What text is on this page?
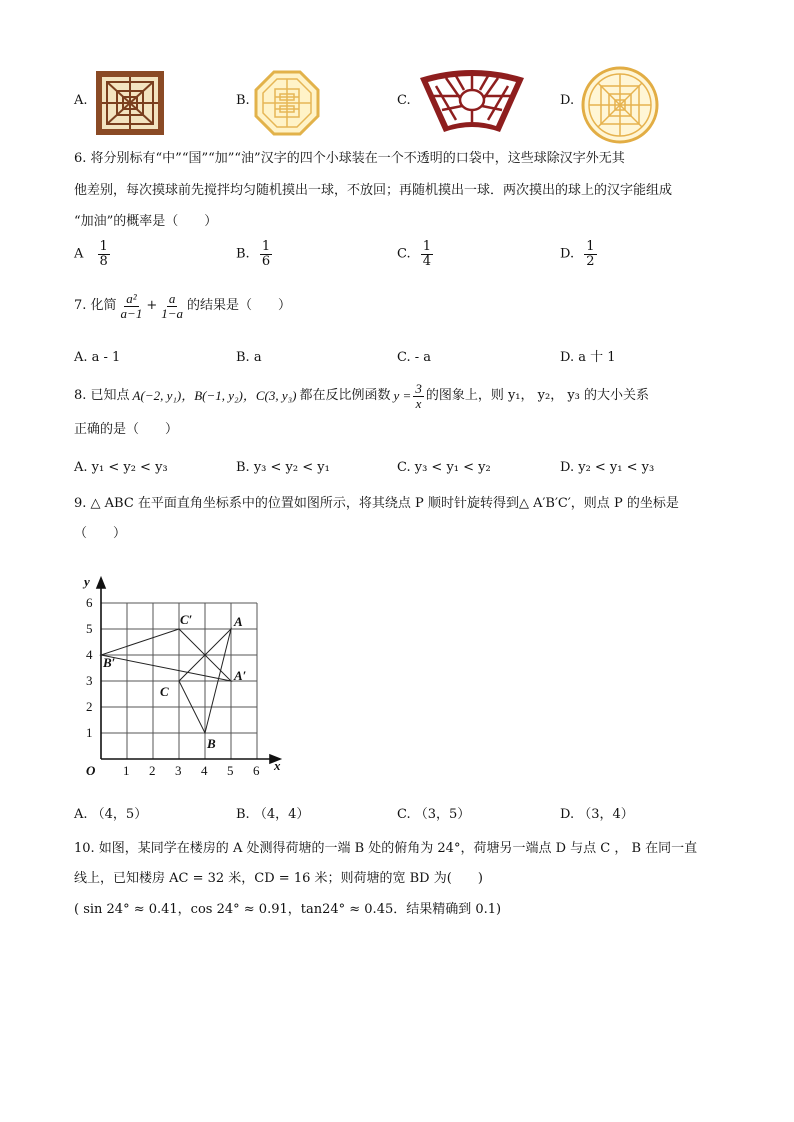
A.	B.	C.	D.
6. 将分别标有“中”“国”“加”“油”汉字的四个小球装在一个不透明的口袋中，这些球除汉字外无其
他差别，每次摸球前先搅拌均匀随机摸出一球，不放回；再随机摸出一球．两次摸出的球上的汉字能组成
“加油”的概率是（　　）
A $\frac{1}{8}$	B. $\frac{1}{6}$	C. $\frac{1}{4}$	D. $\frac{1}{2}$
7. 化简 $\frac{\text{a²}}{a-1} + \frac{a}{1-a}$ 的结果是（　　）
A. a - 1	B. a	C. - a	D. a 十 1
8. 已知点 A(−2, y₁)，B(−1, y₂)，C(3, y₃) 都在反比例函数 $y = \frac{3}{x}$ 的图象上，则 y₁， y₂， y₃ 的大小关系
正确的是（　　）
A. y₁ < y₂ < y₃	B. y₃ < y₂ < y₁	C. y₃ < y₁ < y₂	D. y₂ < y₁ < y₃
9. △ ABC 在平面直角坐标系中的位置如图所示，将其绕点 P 顺时针旋转得到△ A′B′C′，则点 P 的坐标是
（　　）
y
x
O
A
B
C
A′
B′
C′
1
2
3
4
5
6
1 2 3 4 5 6
A. （4，5）	B. （4，4）	C. （3，5）	D. （3，4）
10. 如图，某同学在楼房的 A 处测得荷塘的一端 B 处的俯角为 24°，荷塘另一端点 D 与点 C ， B 在同一直
线上，已知楼房 AC = 32 米，CD = 16 米；则荷塘的宽 BD 为(　　)
( sin 24° ≈ 0.41，cos 24° ≈ 0.91，tan24° ≈ 0.45．结果精确到 0.1)
